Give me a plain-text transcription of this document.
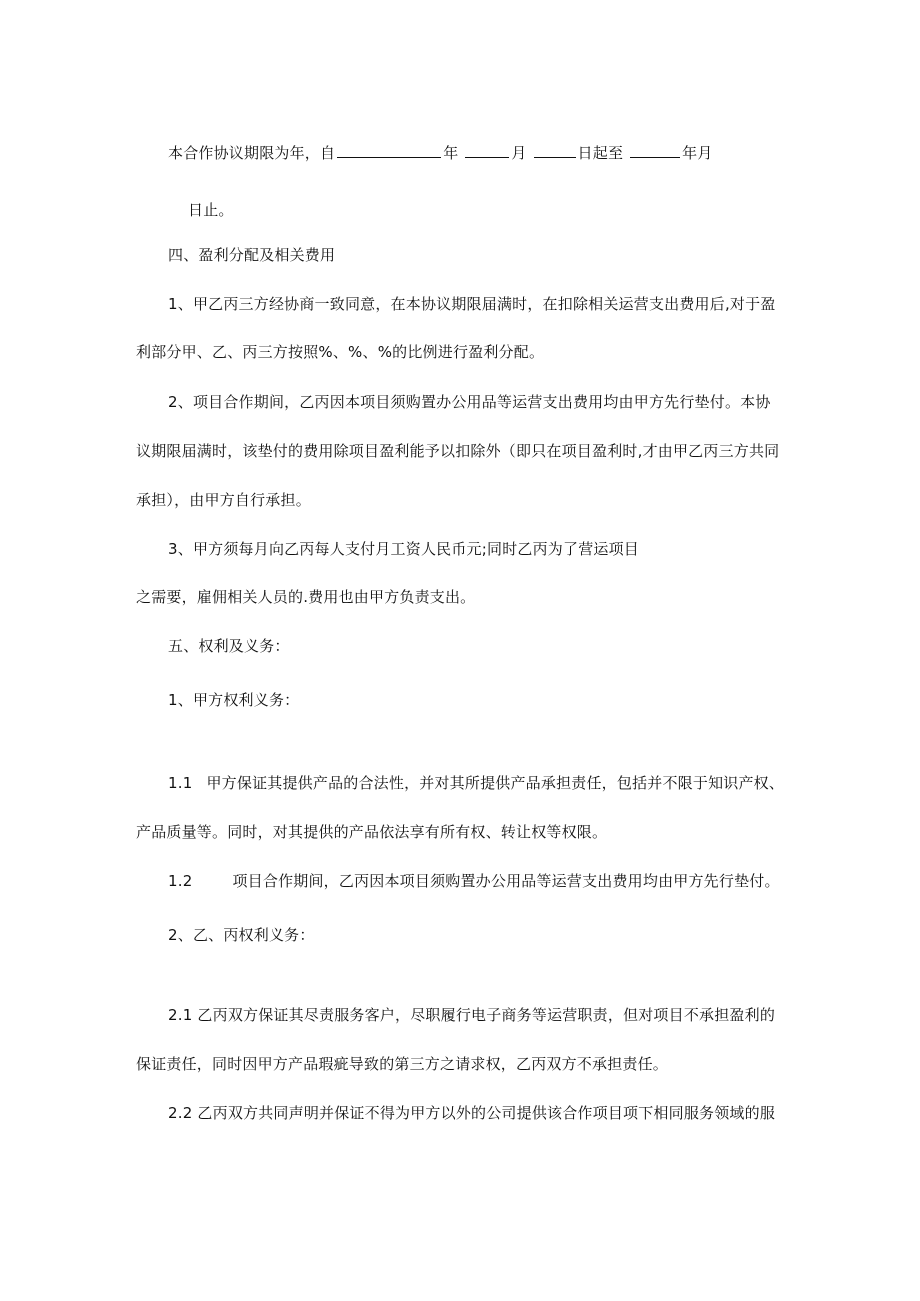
本合作协议期限为年，自	年	月	日起至	年月
日止。
四、盈利分配及相关费用
1、甲乙丙三方经协商一致同意，在本协议期限届满时，在扣除相关运营支出费用后,对于盈
利部分甲、乙、丙三方按照%、%、%的比例进行盈利分配。
2、项目合作期间，乙丙因本项目须购置办公用品等运营支出费用均由甲方先行垫付。本协
议期限届满时，该垫付的费用除项目盈利能予以扣除外（即只在项目盈利时,才由甲乙丙三方共同
承担），由甲方自行承担。
3、甲方须每月向乙丙每人支付月工资人民币元;同时乙丙为了营运项目
之需要，雇佣相关人员的.费用也由甲方负责支出。
五、权利及义务：
1、甲方权利义务：
1.1 甲方保证其提供产品的合法性，并对其所提供产品承担责任，包括并不限于知识产权、
产品质量等。同时，对其提供的产品依法享有所有权、转让权等权限。
1.2	项目合作期间，乙丙因本项目须购置办公用品等运营支出费用均由甲方先行垫付。
2、乙、丙权利义务：
2.1 乙丙双方保证其尽责服务客户，尽职履行电子商务等运营职责，但对项目不承担盈利的
保证责任，同时因甲方产品瑕疵导致的第三方之请求权，乙丙双方不承担责任。
2.2 乙丙双方共同声明并保证不得为甲方以外的公司提供该合作项目项下相同服务领域的服
